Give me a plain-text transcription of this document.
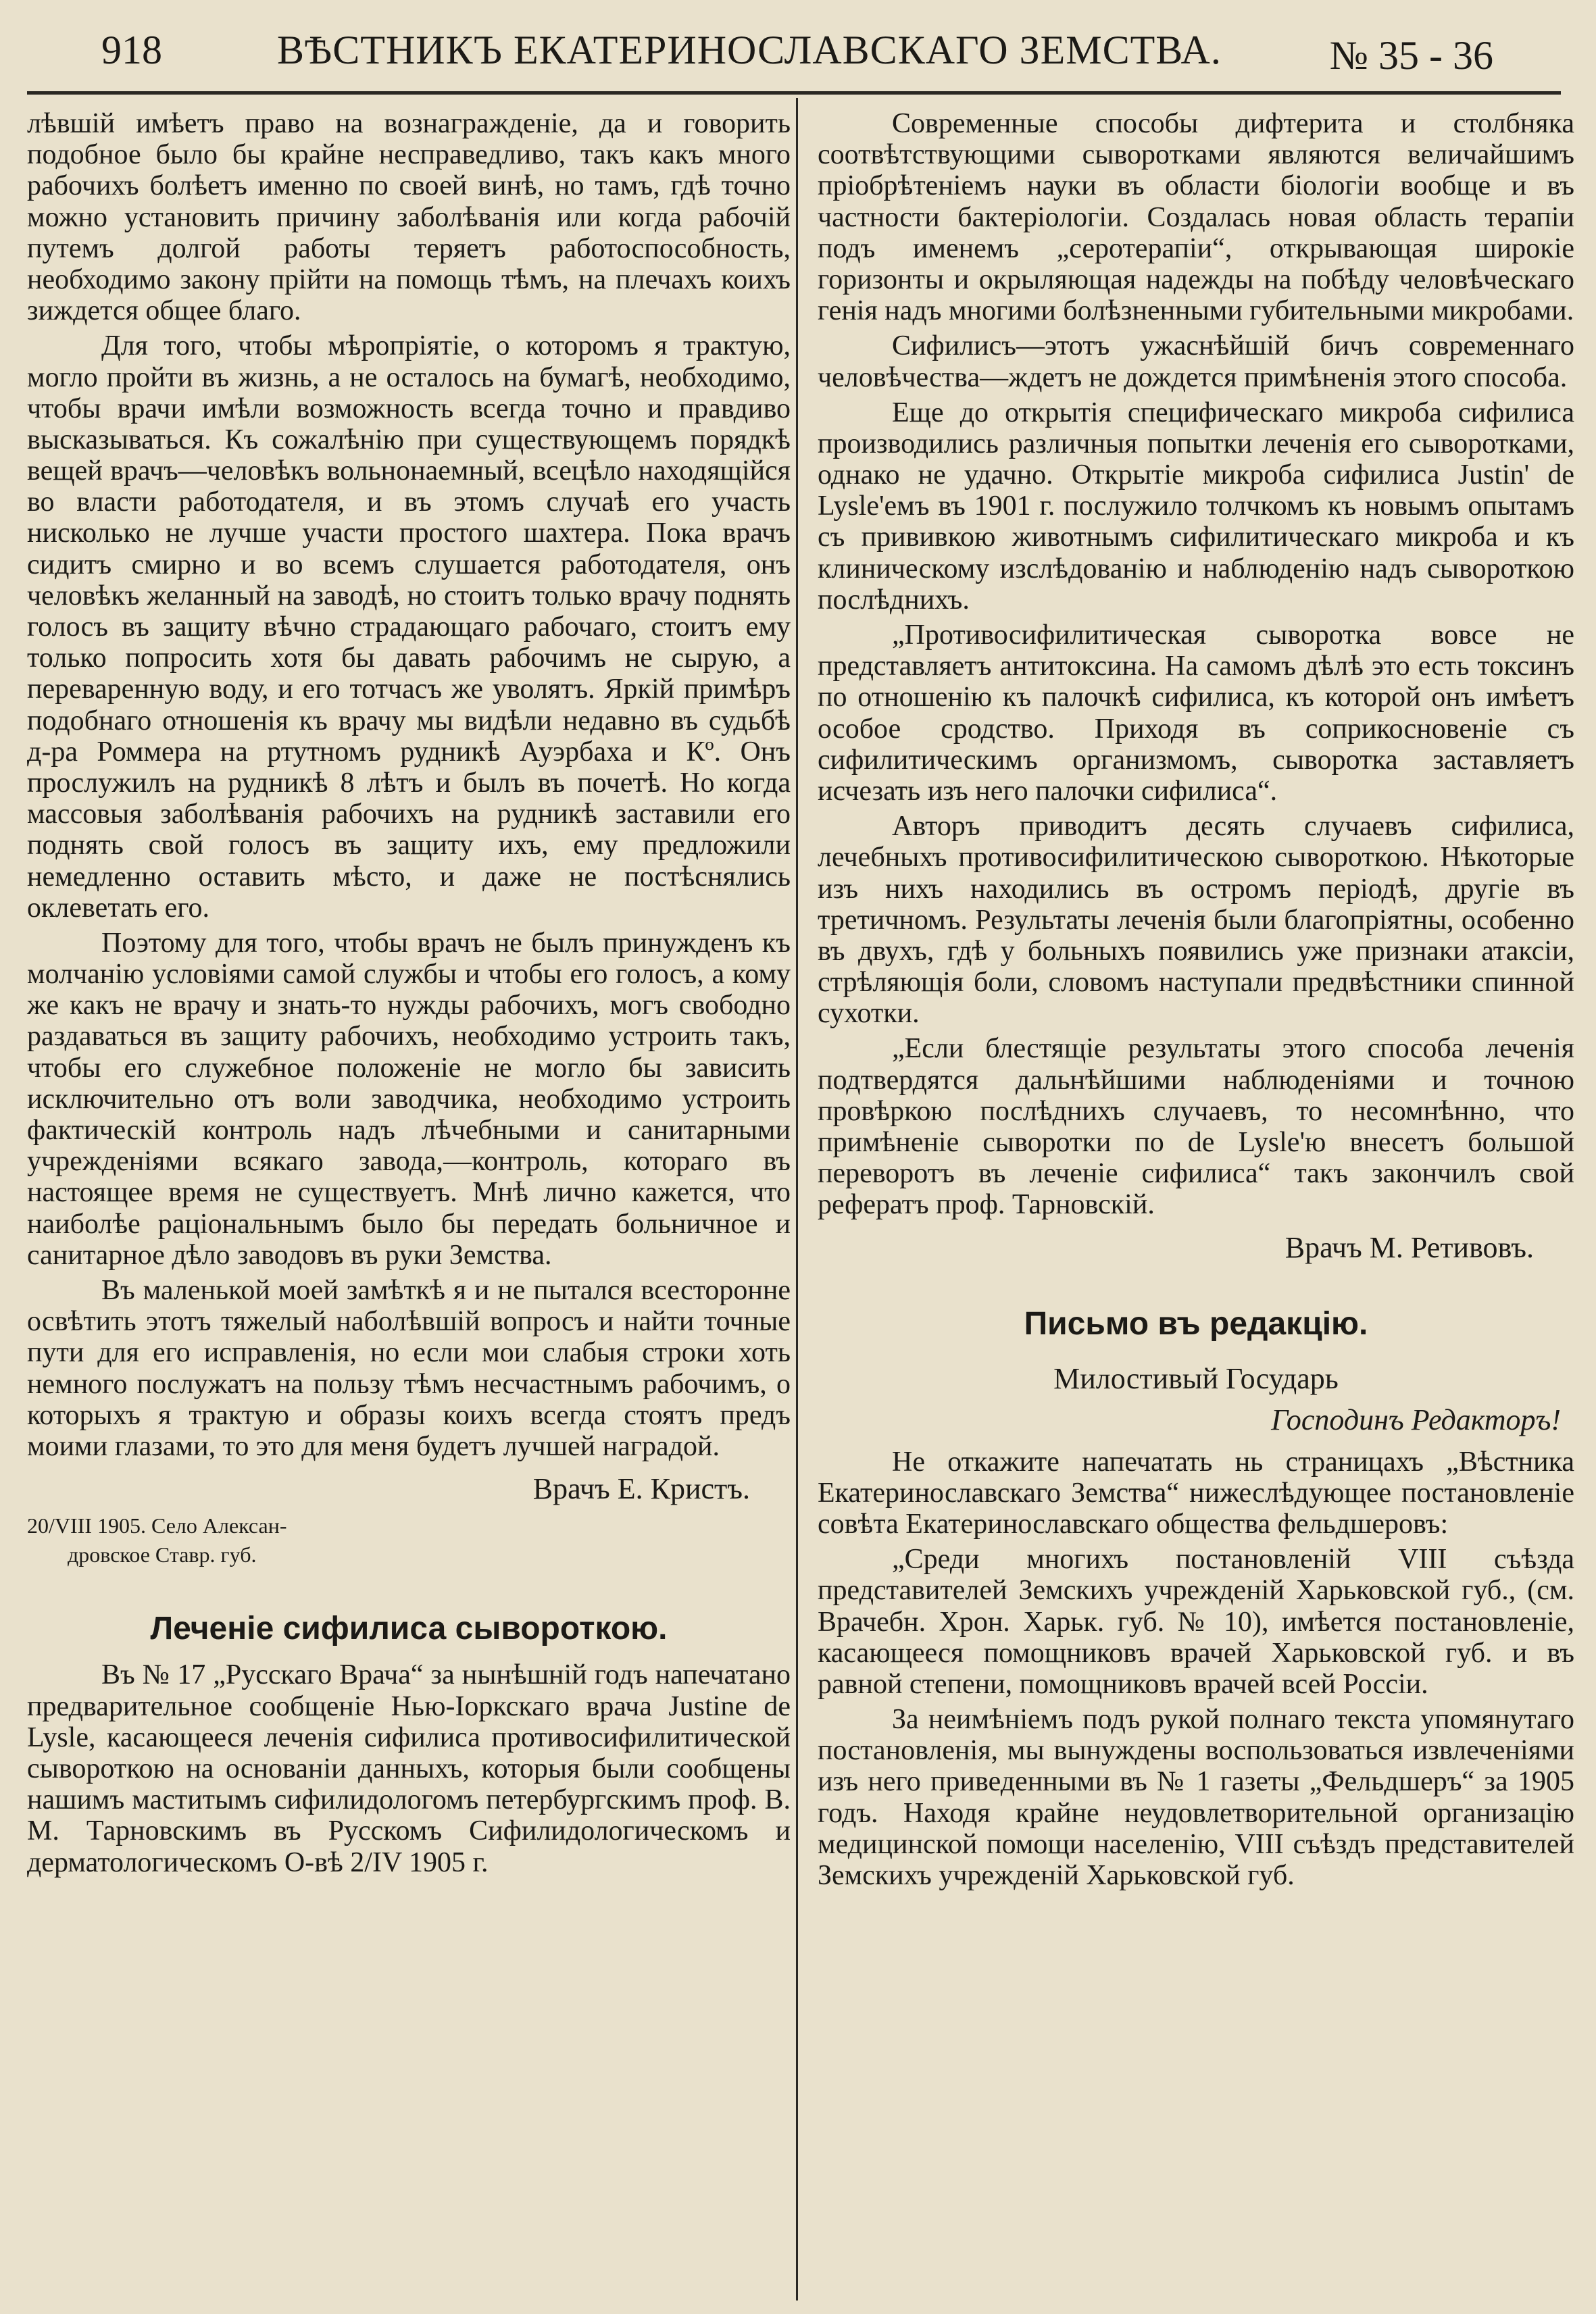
918	ВѢСТНИКЪ ЕКАТЕРИНОСЛАВСКАГО ЗЕМСТВА.	№ 35 - 36

лѣвшій имѣетъ право на вознагражденіе, да и говорить подобное было бы крайне несправедливо, такъ какъ много рабочихъ болѣетъ именно по своей винѣ, но тамъ, гдѣ точно можно установить причину заболѣванія или когда рабочій путемъ долгой работы теряетъ работоспособность, необходимо закону прійти на помощь тѣмъ, на плечахъ коихъ зиждется общее благо.

Для того, чтобы мѣропріятіе, о которомъ я трактую, могло пройти въ жизнь, а не осталось на бумагѣ, необходимо, чтобы врачи имѣли возможность всегда точно и правдиво высказываться. Къ сожалѣнію при существующемъ порядкѣ вещей врачъ—человѣкъ вольнонаемный, всецѣло находящійся во власти работодателя, и въ этомъ случаѣ его участь нисколько не лучше участи простого шахтера. Пока врачъ сидитъ смирно и во всемъ слушается работодателя, онъ человѣкъ желанный на заводѣ, но стоитъ только врачу поднять голосъ въ защиту вѣчно страдающаго рабочаго, стоитъ ему только попросить хотя бы давать рабочимъ не сырую, а переваренную воду, и его тотчасъ же уволятъ. Яркій примѣръ подобнаго отношенія къ врачу мы видѣли недавно въ судьбѣ д-ра Роммера на ртутномъ рудникѣ Ауэрбаха и Кº. Онъ прослужилъ на рудникѣ 8 лѣтъ и былъ въ почетѣ. Но когда массовыя заболѣванія рабочихъ на рудникѣ заставили его поднять свой голосъ въ защиту ихъ, ему предложили немедленно оставить мѣсто, и даже не постѣснялись оклеветать его.

Поэтому для того, чтобы врачъ не былъ принужденъ къ молчанію условіями самой службы и чтобы его голосъ, а кому же какъ не врачу и знать-то нужды рабочихъ, могъ свободно раздаваться въ защиту рабочихъ, необходимо устроить такъ, чтобы его служебное положеніе не могло бы зависить исключительно отъ воли заводчика, необходимо устроить фактическій контроль надъ лѣчебными и санитарными учрежденіями всякаго завода,—контроль, котораго въ настоящее время не существуетъ. Мнѣ лично кажется, что наиболѣе раціональнымъ было бы передать больничное и санитарное дѣло заводовъ въ руки Земства.

Въ маленькой моей замѣткѣ я и не пытался всесторонне освѣтить этотъ тяжелый наболѣвшій вопросъ и найти точные пути для его исправленія, но если мои слабыя строки хоть немного послужатъ на пользу тѣмъ несчастнымъ рабочимъ, о которыхъ я трактую и образы коихъ всегда стоятъ предъ моими глазами, то это для меня будетъ лучшей наградой.

Врачъ Е. Кристъ.
20/VIII 1905. Село Алексан-
дровское Ставр. губ.
Леченіе сифилиса сывороткою.

Въ № 17 „Русскаго Врача“ за нынѣшній годъ напечатано предварительное сообщеніе Нью-Іоркскаго врача Justine de Lysle, касающееся леченія сифилиса противосифилитической сывороткою на основаніи данныхъ, которыя были сообщены нашимъ маститымъ сифилидологомъ петербургскимъ проф. В. М. Тарновскимъ въ Русскомъ Сифилидологическомъ и дерматологическомъ О-вѣ 2/IV 1905 г.

Современные способы дифтерита и столбняка соотвѣтствующими сыворотками являются величайшимъ пріобрѣтеніемъ науки въ области біологіи вообще и въ частности бактеріологіи. Создалась новая область терапіи подъ именемъ „серотерапіи“, открывающая широкіе горизонты и окрыляющая надежды на побѣду человѣческаго генія надъ многими болѣзненными губительными микробами.

Сифилисъ—этотъ ужаснѣйшій бичъ современнаго человѣчества—ждетъ не дождется примѣненія этого способа.

Еще до открытія специфическаго микроба сифилиса производились различныя попытки леченія его сыворотками, однако не удачно. Открытіе микроба сифилиса Justin' de Lysle'емъ въ 1901 г. послужило толчкомъ къ новымъ опытамъ съ прививкою животнымъ сифилитическаго микроба и къ клиническому изслѣдованію и наблюденію надъ сывороткою послѣднихъ.

„Противосифилитическая сыворотка вовсе не представляетъ антитоксина. На самомъ дѣлѣ это есть токсинъ по отношенію къ палочкѣ сифилиса, къ которой онъ имѣетъ особое сродство. Приходя въ соприкосновеніе съ сифилитическимъ организмомъ, сыворотка заставляетъ исчезать изъ него палочки сифилиса“.

Авторъ приводитъ десять случаевъ сифилиса, лечебныхъ противосифилитическою сывороткою. Нѣкоторые изъ нихъ находились въ остромъ періодѣ, другіе въ третичномъ. Результаты леченія были благопріятны, особенно въ двухъ, гдѣ у больныхъ появились уже признаки атаксіи, стрѣляющія боли, словомъ наступали предвѣстники спинной сухотки.

„Если блестящіе результаты этого способа леченія подтвердятся дальнѣйшими наблюденіями и точною провѣркою послѣднихъ случаевъ, то несомнѣнно, что примѣненіе сыворотки по de Lysle'ю внесетъ большой переворотъ въ леченіе сифилиса“ такъ закончилъ свой рефератъ проф. Тарновскій.

Врачъ М. Ретивовъ.
Письмо въ редакцію.
Милостивый Государь
Господинъ Редакторъ!

Не откажите напечатать нь страницахъ „Вѣстника Екатеринославскаго Земства“ нижеслѣдующее постановленіе совѣта Екатеринославскаго общества фельдшеровъ:

„Среди многихъ постановленій VIII съѣзда представителей Земскихъ учрежденій Харьковской губ., (см. Врачебн. Хрон. Харьк. губ. № 10), имѣется постановленіе, касающееся помощниковъ врачей Харьковской губ. и въ равной степени, помощниковъ врачей всей Россіи.

За неимѣніемъ подъ рукой полнаго текста упомянутаго постановленія, мы вынуждены воспользоваться извлеченіями изъ него приведенными въ № 1 газеты „Фельдшеръ“ за 1905 годъ. Находя крайне неудовлетворительной организацію медицинской помощи населенію, VIII съѣздъ представителей Земскихъ учрежденій Харьковской губ.
